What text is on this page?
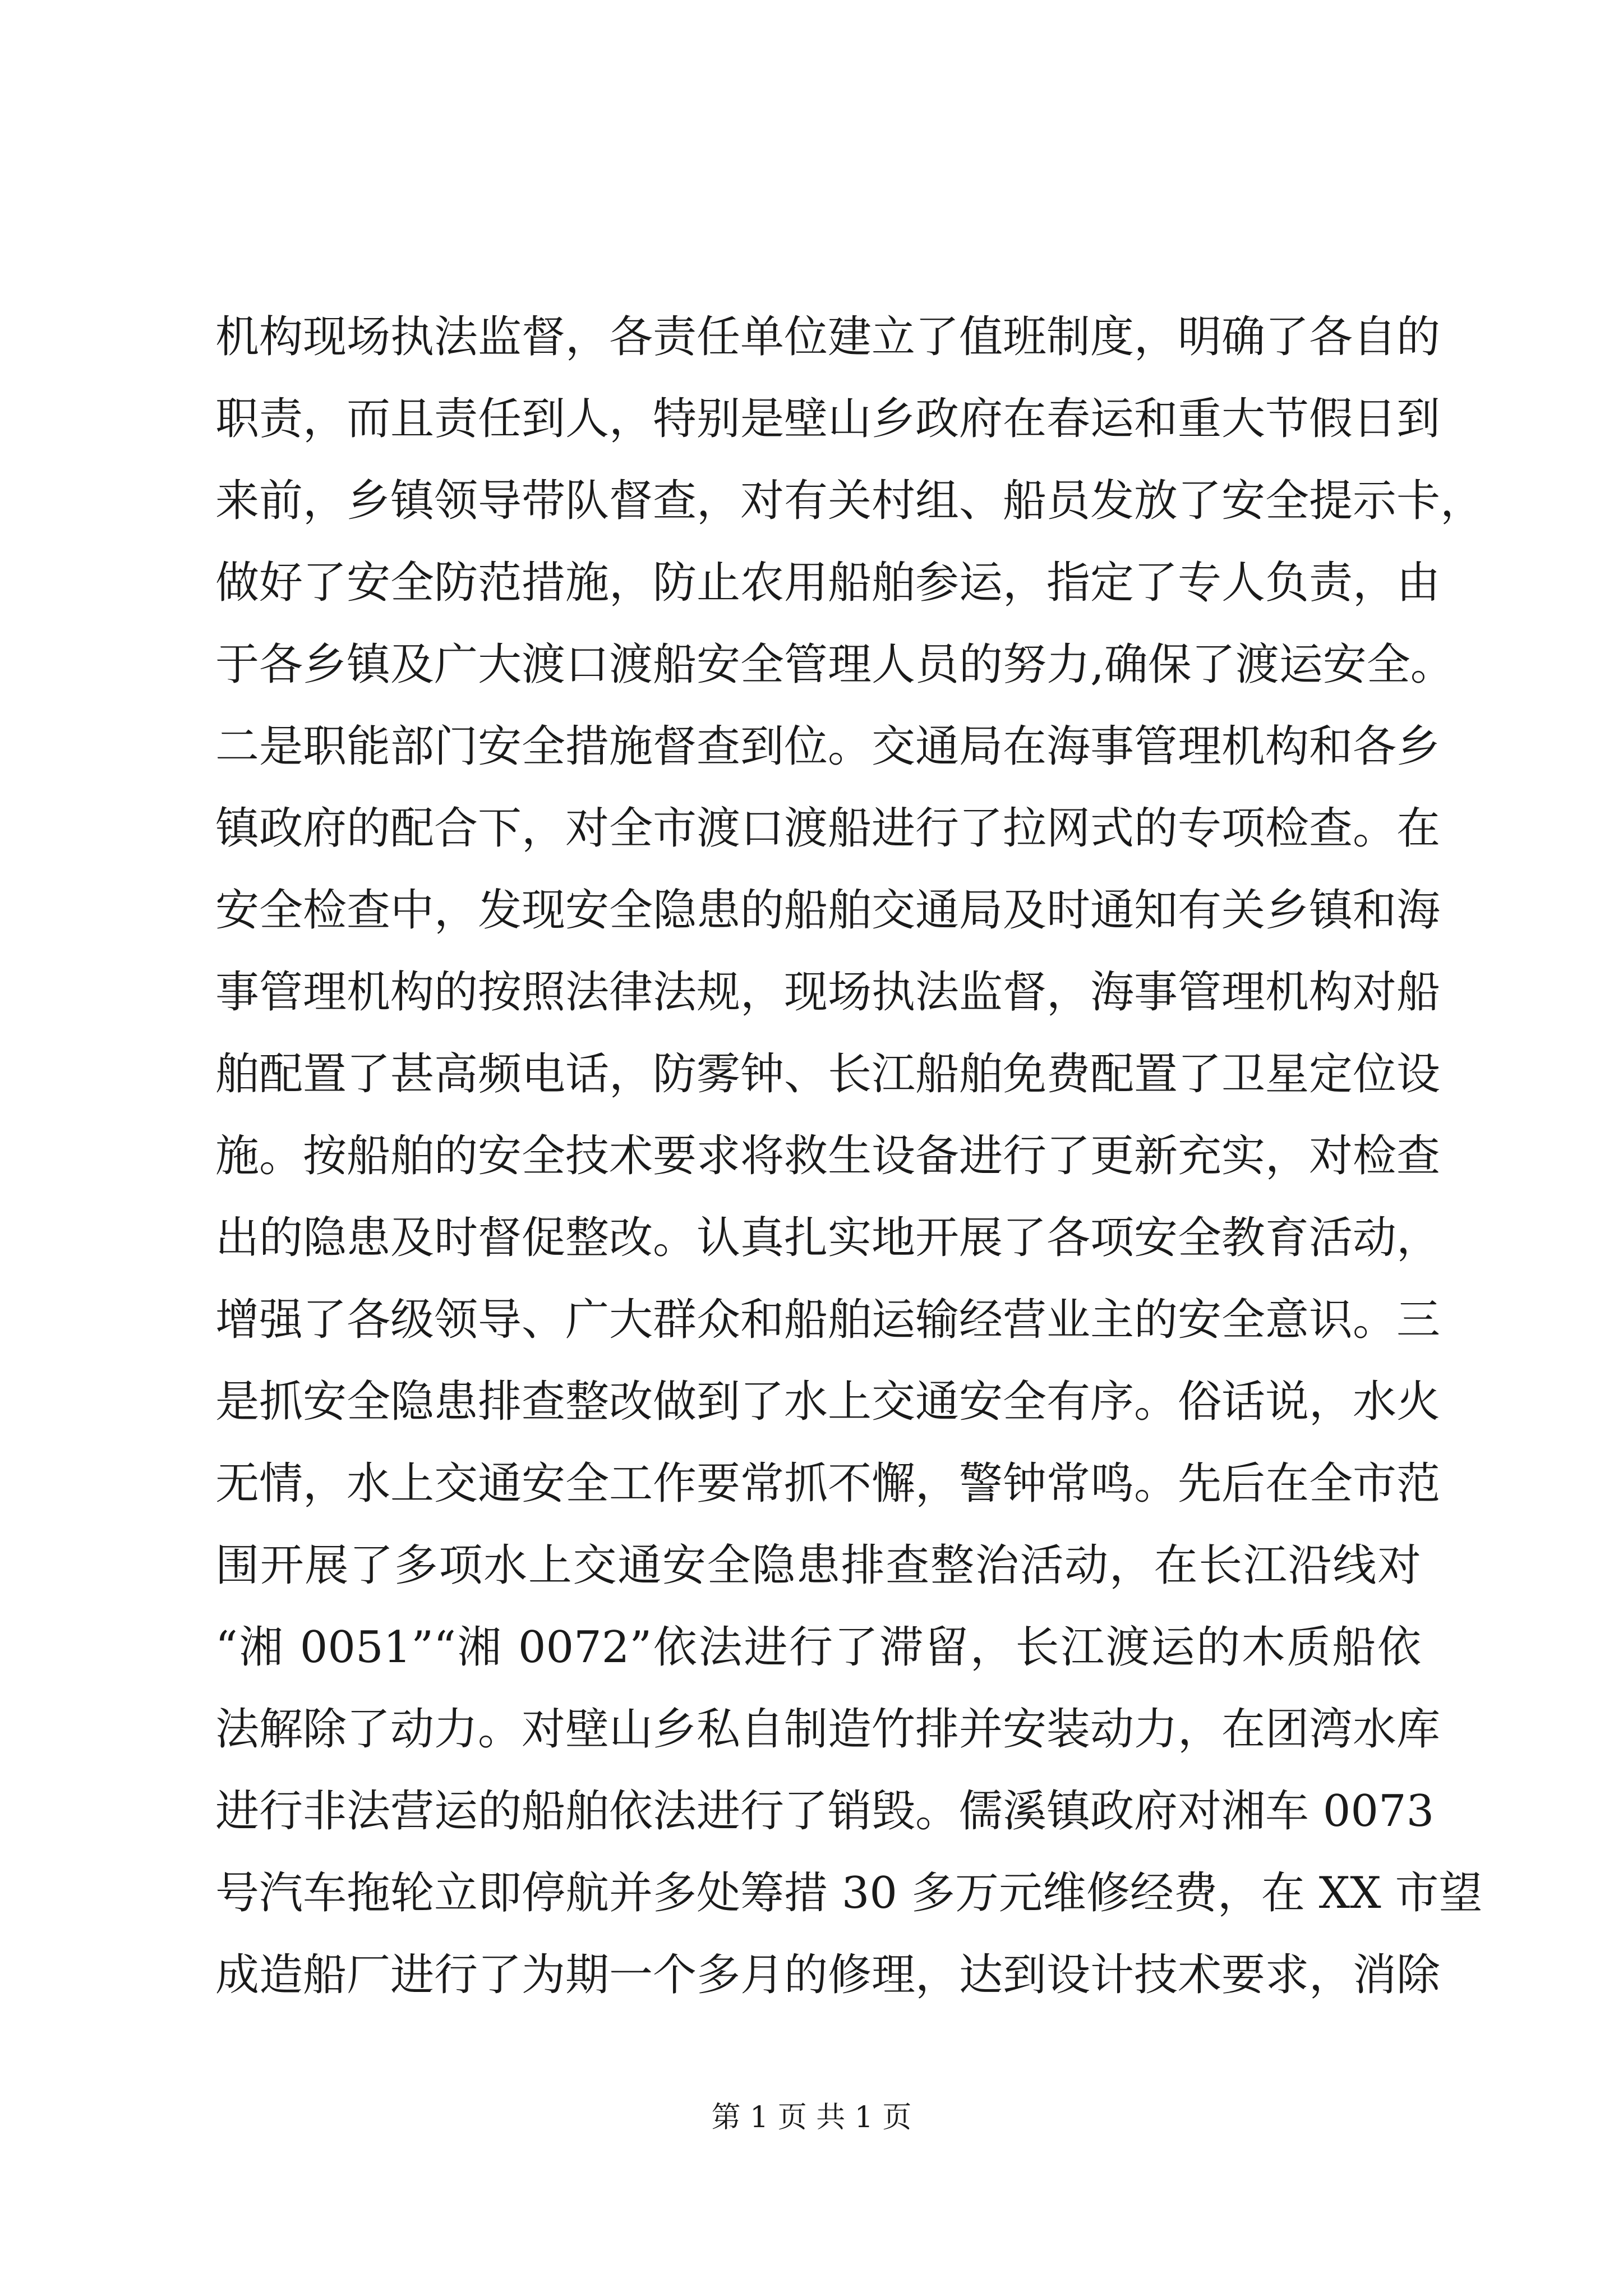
机构现场执法监督，各责任单位建立了值班制度，明确了各自的
职责，而且责任到人，特别是壁山乡政府在春运和重大节假日到
来前，乡镇领导带队督查，对有关村组、船员发放了安全提示卡，
做好了安全防范措施，防止农用船舶参运，指定了专人负责，由
于各乡镇及广大渡口渡船安全管理人员的努力,确保了渡运安全。
二是职能部门安全措施督查到位。交通局在海事管理机构和各乡
镇政府的配合下，对全市渡口渡船进行了拉网式的专项检查。在
安全检查中，发现安全隐患的船舶交通局及时通知有关乡镇和海
事管理机构的按照法律法规，现场执法监督，海事管理机构对船
舶配置了甚高频电话，防雾钟、长江船舶免费配置了卫星定位设
施。按船舶的安全技术要求将救生设备进行了更新充实，对检查
出的隐患及时督促整改。认真扎实地开展了各项安全教育活动，
增强了各级领导、广大群众和船舶运输经营业主的安全意识。三
是抓安全隐患排查整改做到了水上交通安全有序。俗话说，水火
无情，水上交通安全工作要常抓不懈，警钟常鸣。先后在全市范
围开展了多项水上交通安全隐患排查整治活动，在长江沿线对
“湘 0051”“湘 0072”依法进行了滞留，长江渡运的木质船依
法解除了动力。对壁山乡私自制造竹排并安装动力，在团湾水库
进行非法营运的船舶依法进行了销毁。儒溪镇政府对湘车 0073
号汽车拖轮立即停航并多处筹措 30 多万元维修经费，在 XX 市望
成造船厂进行了为期一个多月的修理，达到设计技术要求，消除
第 1 页 共 1 页
